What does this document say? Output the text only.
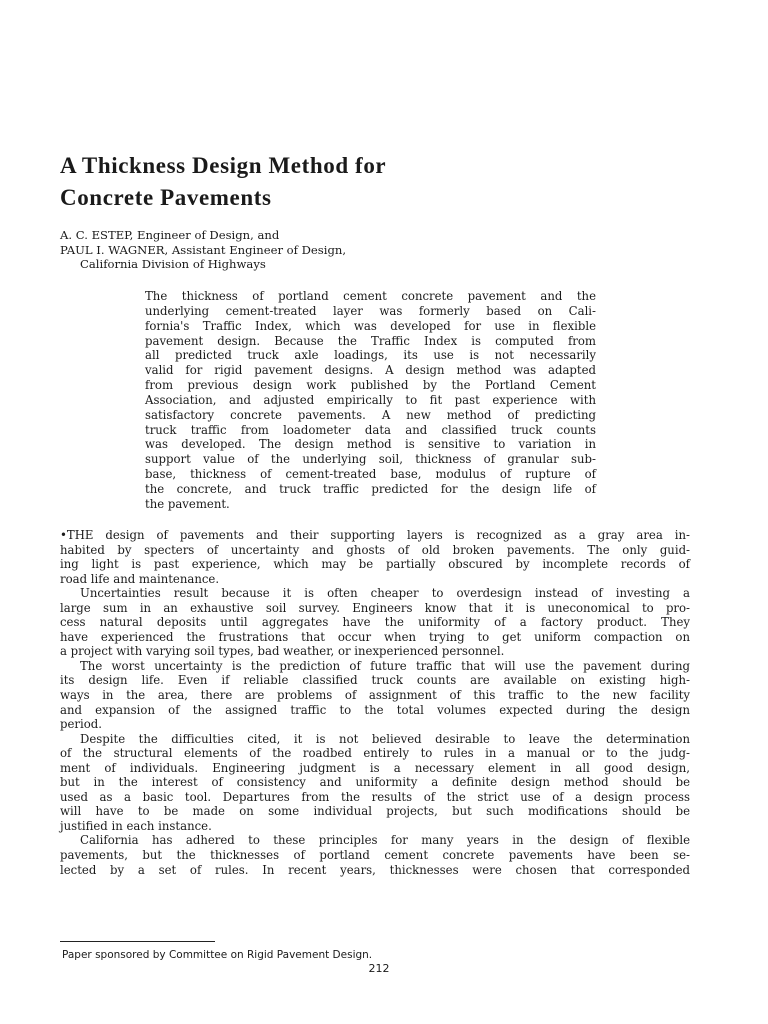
A Thickness Design Method for
Concrete Pavements
A. C. ESTEP, Engineer of Design, and
PAUL I. WAGNER, Assistant Engineer of Design,
California Division of Highways
The thickness of portland cement concrete pavement and the
underlying cement-treated layer was formerly based on Cali-
fornia's Traffic Index, which was developed for use in flexible
pavement design. Because the Traffic Index is computed from
all predicted truck axle loadings, its use is not necessarily
valid for rigid pavement designs. A design method was adapted
from previous design work published by the Portland Cement
Association, and adjusted empirically to fit past experience with
satisfactory concrete pavements. A new method of predicting
truck traffic from loadometer data and classified truck counts
was developed. The design method is sensitive to variation in
support value of the underlying soil, thickness of granular sub-
base, thickness of cement-treated base, modulus of rupture of
the concrete, and truck traffic predicted for the design life of
the pavement.
•THE design of pavements and their supporting layers is recognized as a gray area in-
habited by specters of uncertainty and ghosts of old broken pavements. The only guid-
ing light is past experience, which may be partially obscured by incomplete records of
road life and maintenance.
Uncertainties result because it is often cheaper to overdesign instead of investing a
large sum in an exhaustive soil survey. Engineers know that it is uneconomical to pro-
cess natural deposits until aggregates have the uniformity of a factory product. They
have experienced the frustrations that occur when trying to get uniform compaction on
a project with varying soil types, bad weather, or inexperienced personnel.
The worst uncertainty is the prediction of future traffic that will use the pavement during
its design life. Even if reliable classified truck counts are available on existing high-
ways in the area, there are problems of assignment of this traffic to the new facility
and expansion of the assigned traffic to the total volumes expected during the design
period.
Despite the difficulties cited, it is not believed desirable to leave the determination
of the structural elements of the roadbed entirely to rules in a manual or to the judg-
ment of individuals. Engineering judgment is a necessary element in all good design,
but in the interest of consistency and uniformity a definite design method should be
used as a basic tool. Departures from the results of the strict use of a design process
will have to be made on some individual projects, but such modifications should be
justified in each instance.
California has adhered to these principles for many years in the design of flexible
pavements, but the thicknesses of portland cement concrete pavements have been se-
lected by a set of rules. In recent years, thicknesses were chosen that corresponded
Paper sponsored by Committee on Rigid Pavement Design.
212
